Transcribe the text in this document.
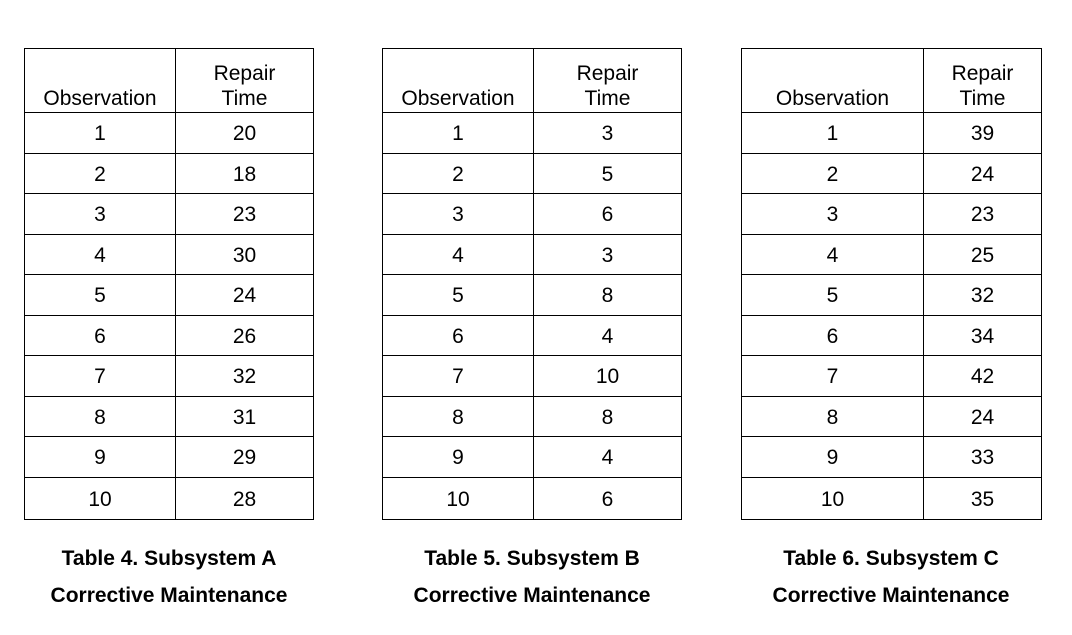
Observation	Repair
Time
1	20
2	18
3	23
4	30
5	24
6	26
7	32
8	31
9	29
10	28
Observation	Repair
Time
1	3
2	5
3	6
4	3
5	8
6	4
7	10
8	8
9	4
10	6
Observation	Repair
Time
1	39
2	24
3	23
4	25
5	32
6	34
7	42
8	24
9	33
10	35
Table 4. Subsystem A
Corrective Maintenance
Table 5. Subsystem B
Corrective Maintenance
Table 6. Subsystem C
Corrective Maintenance
